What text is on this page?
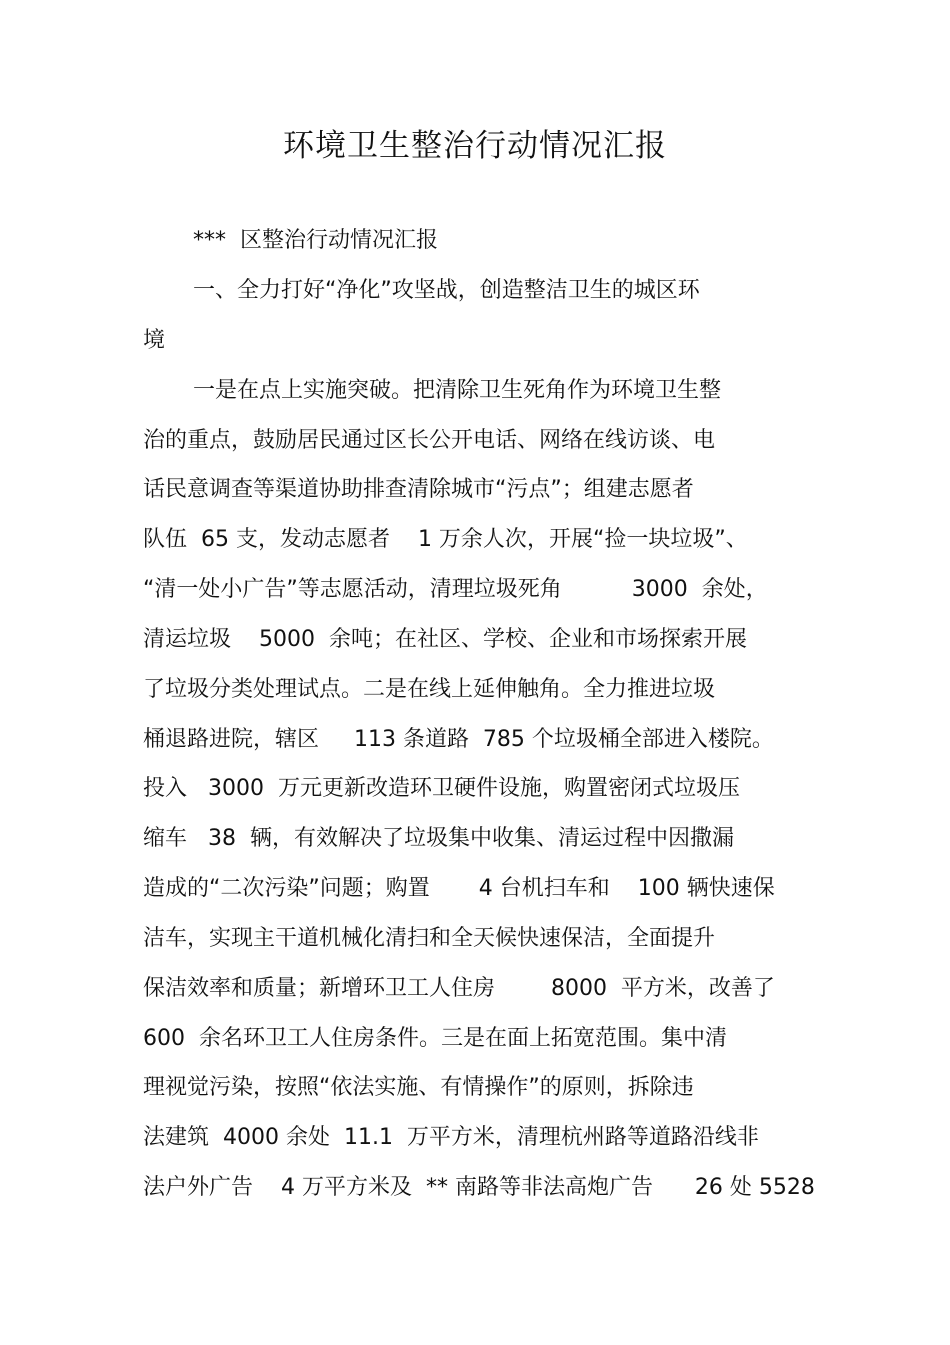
环境卫生整治行动情况汇报
***  区整治行动情况汇报
一、全力打好“净化”攻坚战，创造整洁卫生的城区环
境
一是在点上实施突破。把清除卫生死角作为环境卫生整
治的重点，鼓励居民通过区长公开电话、网络在线访谈、电
话民意调查等渠道协助排查清除城市“污点”；组建志愿者
队伍  65 支，发动志愿者    1 万余人次，开展“捡一块垃圾”、
“清一处小广告”等志愿活动，清理垃圾死角          3000  余处，
清运垃圾    5000  余吨；在社区、学校、企业和市场探索开展
了垃圾分类处理试点。二是在线上延伸触角。全力推进垃圾
桶退路进院，辖区     113 条道路  785 个垃圾桶全部进入楼院。
投入   3000  万元更新改造环卫硬件设施，购置密闭式垃圾压
缩车   38  辆，有效解决了垃圾集中收集、清运过程中因撒漏
造成的“二次污染”问题；购置       4 台机扫车和    100 辆快速保
洁车，实现主干道机械化清扫和全天候快速保洁，全面提升
保洁效率和质量；新增环卫工人住房        8000  平方米，改善了
600  余名环卫工人住房条件。三是在面上拓宽范围。集中清
理视觉污染，按照“依法实施、有情操作”的原则，拆除违
法建筑  4000 余处  11.1  万平方米，清理杭州路等道路沿线非
法户外广告    4 万平方米及  ** 南路等非法高炮广告      26 处 5528
